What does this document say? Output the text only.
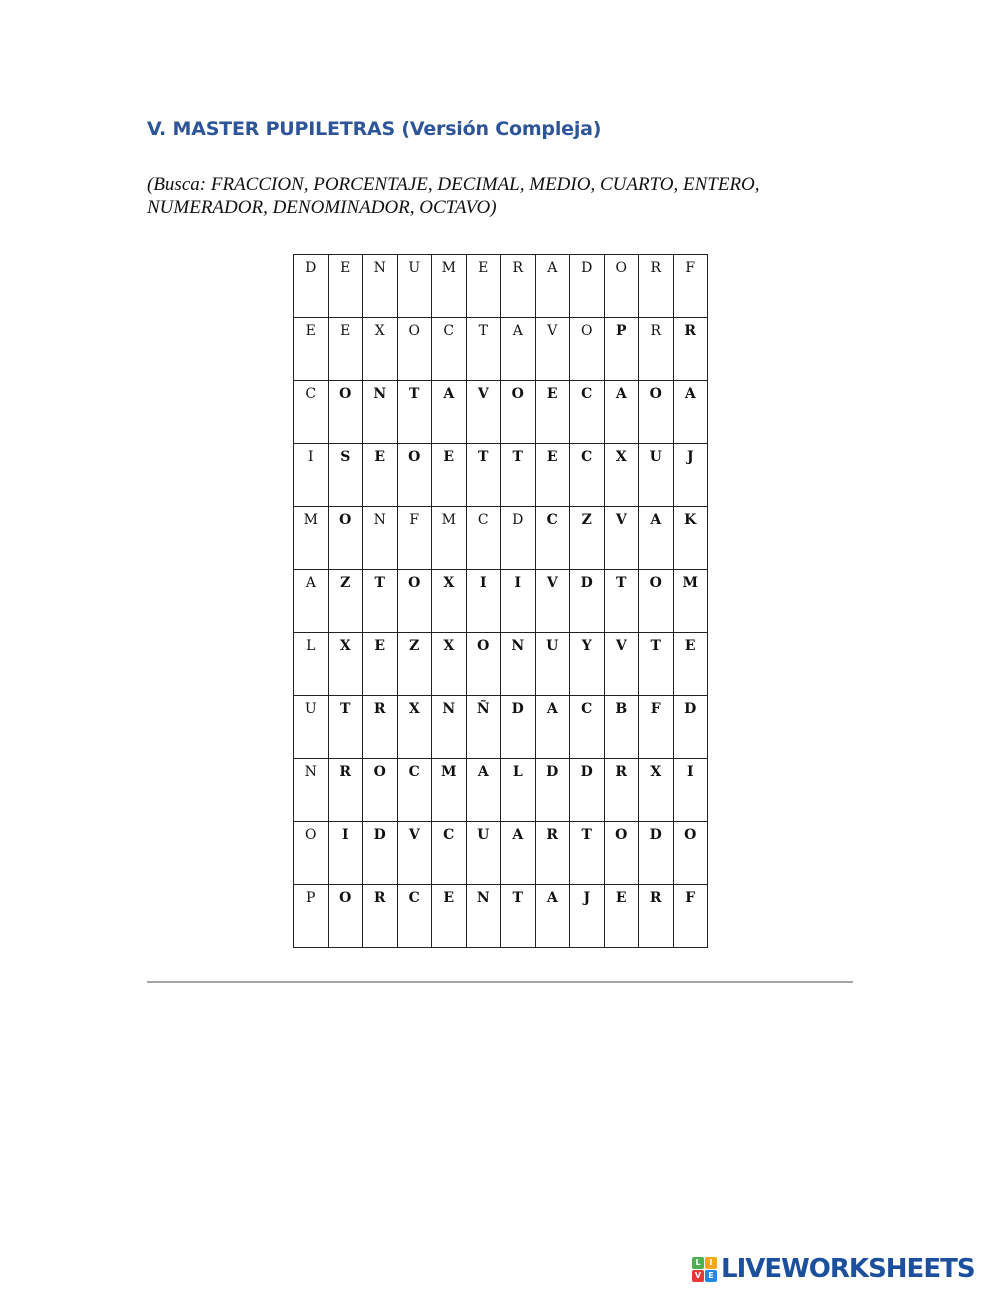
V. MASTER PUPILETRAS (Versión Compleja)

(Busca: FRACCION, PORCENTAJE, DECIMAL, MEDIO, CUARTO, ENTERO, NUMERADOR, DENOMINADOR, OCTAVO)

D	E	N	U	M	E	R	A	D	O	R	F

E	E	X	O	C	T	A	V	O	P	R	R

C	O	N	T	A	V	O	E	C	A	O	A

I	S	E	O	E	T	T	E	C	X	U	J

M	O	N	F	M	C	D	C	Z	V	A	K

A	Z	T	O	X	I	I	V	D	T	O	M

L	X	E	Z	X	O	N	U	Y	V	T	E

U	T	R	X	N	Ñ	D	A	C	B	F	D

N	R	O	C	M	A	L	D	D	R	X	I

O	I	D	V	C	U	A	R	T	O	D	O

P	O	R	C	E	N	T	A	J	E	R	F
L	I
V E LIVEWORKSHEETS
